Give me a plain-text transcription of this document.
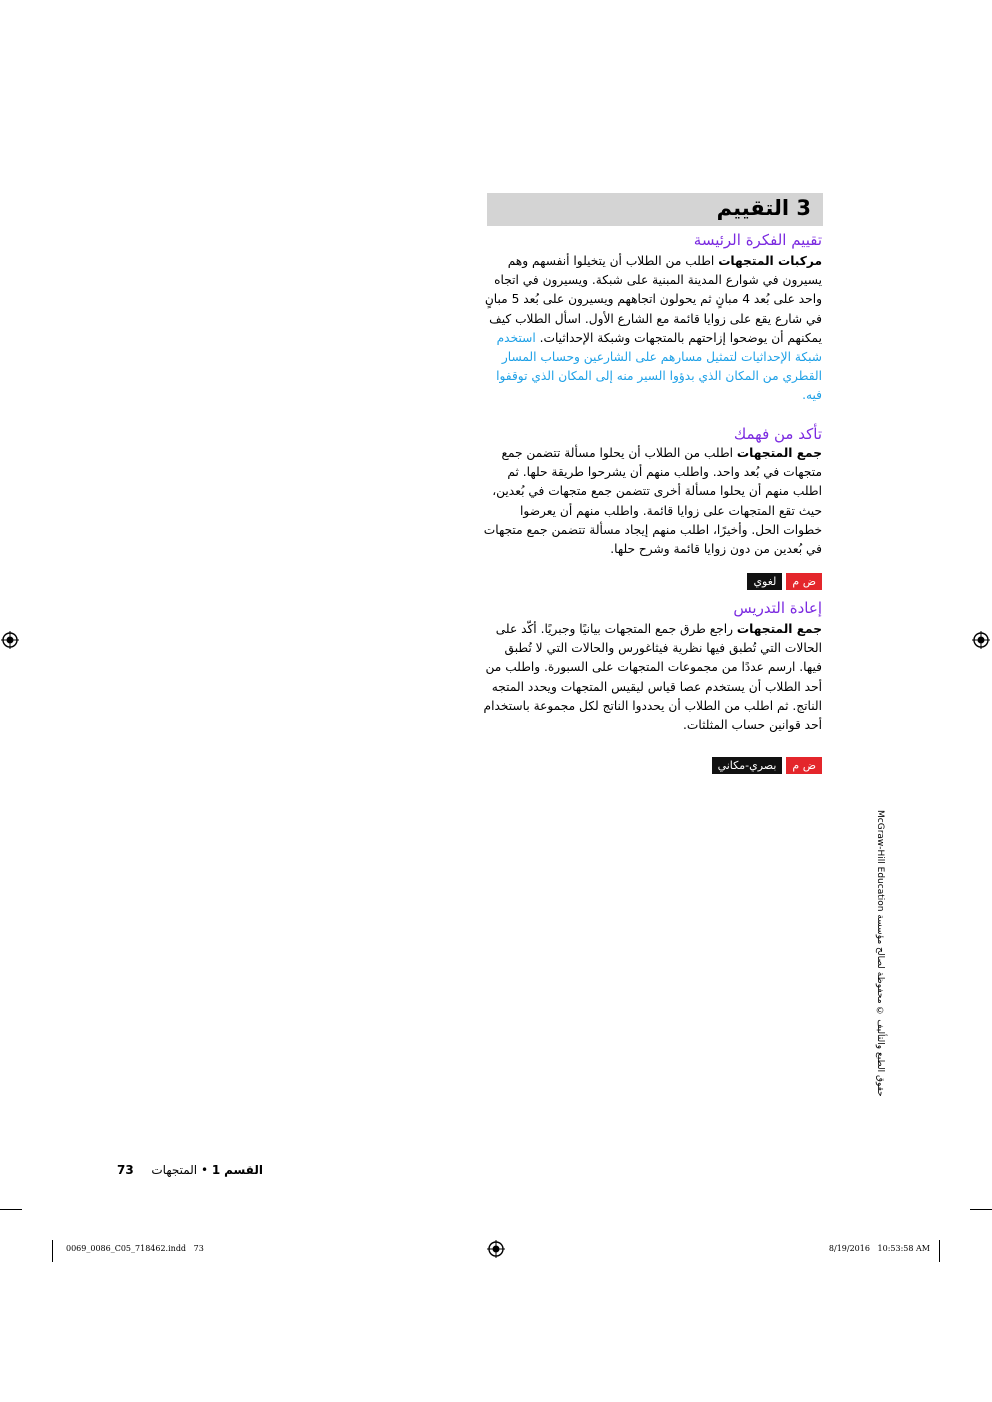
3 التقييم
تقييم الفكرة الرئيسة
مركبات المتجهات اطلب من الطلاب أن يتخيلوا أنفسهم وهم يسيرون في شوارع المدينة المبنية على شبكة. ويسيرون في اتجاه واحد على بُعد 4 مبانٍ ثم يحولون اتجاههم ويسيرون على بُعد 5 مبانٍ في شارع يقع على زوايا قائمة مع الشارع الأول. اسأل الطلاب كيف يمكنهم أن يوضحوا إزاحتهم بالمتجهات وشبكة الإحداثيات. استخدم شبكة الإحداثيات لتمثيل مسارهم على الشارعين وحساب المسار القطري من المكان الذي بدؤوا السير منه إلى المكان الذي توقفوا فيه.
تأكد من فهمك
جمع المتجهات اطلب من الطلاب أن يحلوا مسألة تتضمن جمع متجهات في بُعد واحد. واطلب منهم أن يشرحوا طريقة حلها. ثم اطلب منهم أن يحلوا مسألة أخرى تتضمن جمع متجهات في بُعدين، حيث تقع المتجهات على زوايا قائمة. واطلب منهم أن يعرضوا خطوات الحل. وأخيرًا، اطلب منهم إيجاد مسألة تتضمن جمع متجهات في بُعدين من دون زوايا قائمة وشرح حلها.
ض م
لغوي
إعادة التدريس
جمع المتجهات راجع طرق جمع المتجهات بيانيًا وجبريًا. أكّد على الحالات التي تُطبق فيها نظرية فيثاغورس والحالات التي لا تُطبق فيها. ارسم عددًا من مجموعات المتجهات على السبورة. واطلب من أحد الطلاب أن يستخدم عصا قياس ليقيس المتجهات ويحدد المتجه الناتج. ثم اطلب من الطلاب أن يحددوا الناتج لكل مجموعة باستخدام أحد قوانين حساب المثلثات.
ض م
بصري-مكاني
McGraw-Hill Education حقوق الطبع والتأليف © محفوظة لصالح مؤسسة
73	القسم 1 • المتجهات
0069_0086_C05_718462.indd   73	8/19/2016   10:53:58 AM
